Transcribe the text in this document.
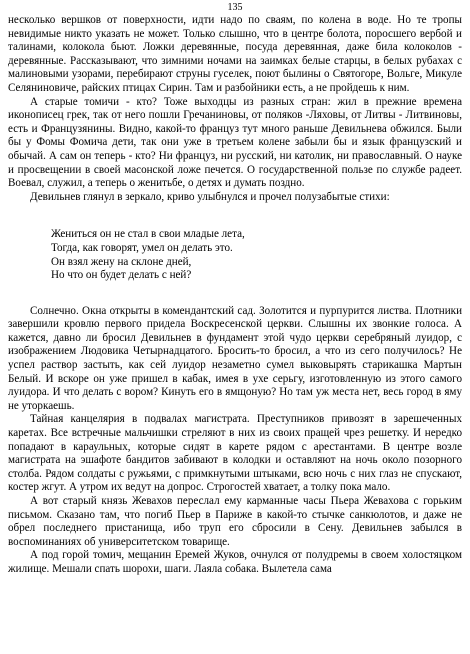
135

несколько вершков от поверхности, идти надо по сваям, по колена в воде. Но те тропы невидимые никто указать не может. Только слышно, что в центре болота, поросшего вербой и талинами, колокола бьют. Ложки деревянные, посуда деревянная, даже била колоколов - деревянные. Рассказывают, что зимними ночами на заимках белые старцы, в белых рубахах с малиновыми узорами, перебирают струны гуселек, поют былины о Святогоре, Вольге, Микуле Селяниновиче, райских птицах Сирин. Там и разбойники есть, а не пройдешь к ним.

А старые томичи - кто? Тоже выходцы из разных стран: жил в прежние времена иконописец грек, так от него пошли Гречаниновы, от поляков -Ляховы, от Литвы - Литвиновы, есть и Французянины. Видно, какой-то француз тут много раньше Девильнева обжился. Были бы у Фомы Фомича дети, так они уже в третьем колене забыли бы и язык французский и обычай. А сам он теперь - кто? Ни француз, ни русский, ни католик, ни православный. О науке и просвещении в своей масонской ложе печется. О государственной пользе по службе радеет. Воевал, служил, а теперь о женитьбе, о детях и думать поздно.

Девильнев глянул в зеркало, криво улыбнулся и прочел полузабытые стихи:

Жениться он не стал в свои младые лета,
Тогда, как говорят, умел он делать это.
Он взял жену на склоне дней,
Но что он будет делать с ней?

Солнечно. Окна открыты в комендантский сад. Золотится и пурпурится листва. Плотники завершили кровлю первого придела Воскресенской церкви. Слышны их звонкие голоса. А кажется, давно ли бросил Девильнев в фундамент этой чудо церкви серебряный луидор, с изображением Людовика Четырнадцатого. Бросить-то бросил, а что из сего получилось? Не успел раствор застыть, как сей луидор незаметно сумел выковырять старикашка Мартын Белый. И вскоре он уже пришел в кабак, имея в ухе серьгу, изготовленную из этого самого луидора. И что делать с вором? Кинуть его в ямщоную? Но там уж места нет, весь город в яму не уторкаешь.

Тайная канцелярия в подвалах магистрата. Преступников привозят в зарешеченных каретах. Все встречные мальчишки стреляют в них из своих пращей чрез решетку. И нередко попадают в караульных, которые сидят в карете рядом с арестантами. В центре возле магистрата на эшафоте бандитов забивают в колодки и оставляют на ночь около позорного столба. Рядом солдаты с ружьями, с примкнутыми штыками, всю ночь с них глаз не спускают, костер жгут. А утром их ведут на допрос. Строгостей хватает, а толку пока мало.

А вот старый князь Жевахов переслал ему карманные часы Пьера Жевахова с горьким письмом. Сказано там, что погиб Пьер в Париже в какой-то стычке санкюлотов, и даже не обрел последнего пристанища, ибо труп его сбросили в Сену. Девильнев забылся в воспоминаниях об университетском товарище.

А под горой томич, мещанин Еремей Жуков, очнулся от полудремы в своем холостяцком жилище. Мешали спать шорохи, шаги. Лаяла собака. Вылетела сама
